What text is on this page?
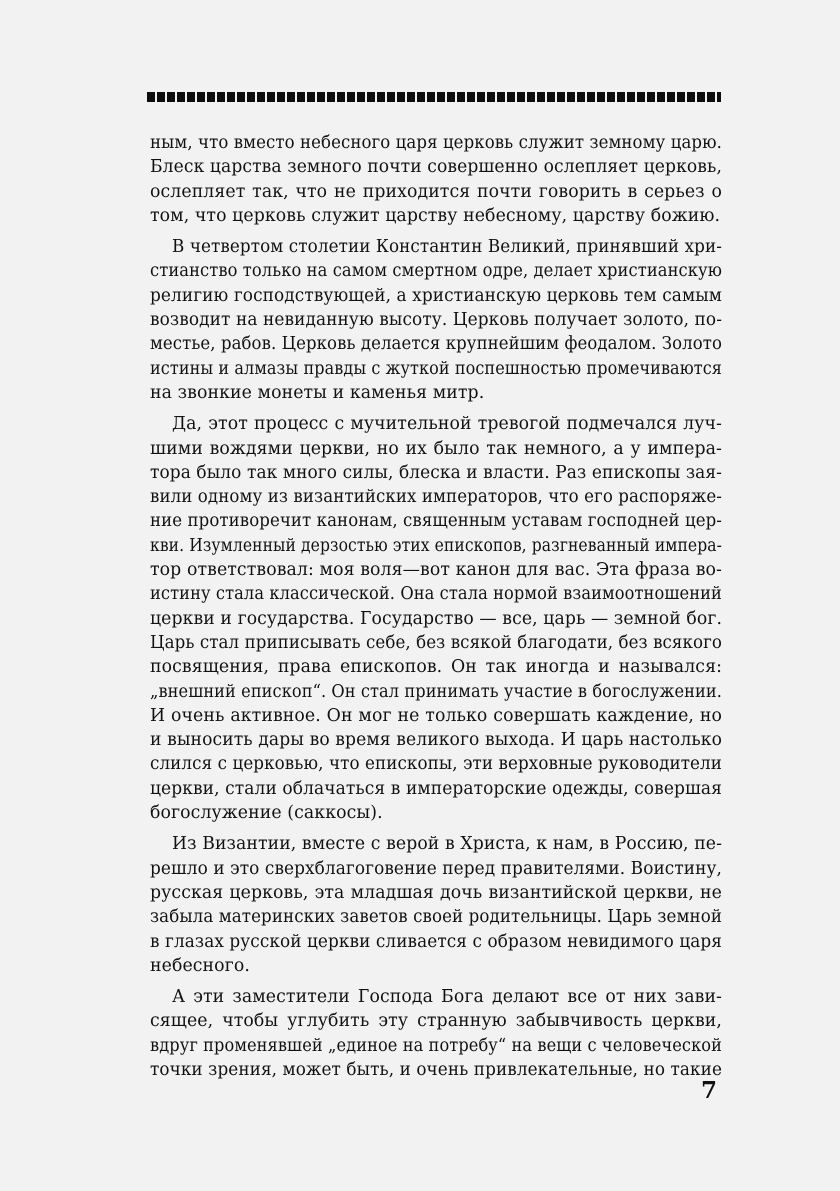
ным, что вместо небесного царя церковь служит земному царю.
Блеск царства земного почти совершенно ослепляет церковь,
ослепляет так, что не приходится почти говорить в серьез о
том, что церковь служит царству небесному, царству божию.
В четвертом столетии Константин Великий, принявший хри-
стианство только на самом смертном одре, делает христианскую
религию господствующей, а христианскую церковь тем самым
возводит на невиданную высоту. Церковь получает золото, по-
местье, рабов. Церковь делается крупнейшим феодалом. Золото
истины и алмазы правды с жуткой поспешностью промечиваются
на звонкие монеты и каменья митр.
Да, этот процесс с мучительной тревогой подмечался луч-
шими вождями церкви, но их было так немного, а у импера-
тора было так много силы, блеска и власти. Раз епископы зая-
вили одному из византийских императоров, что его распоряже-
ние противоречит канонам, священным уставам господней цер-
кви. Изумленный дерзостью этих епископов, разгневанный импера-
тор ответствовал: моя воля—вот канон для вас. Эта фраза во-
истину стала классической. Она стала нормой взаимоотношений
церкви и государства. Государство — все, царь — земной бог.
Царь стал приписывать себе, без всякой благодати, без всякого
посвящения, права епископов. Он так иногда и назывался:
„внешний епископ“. Он стал принимать участие в богослужении.
И очень активное. Он мог не только совершать каждение, но
и выносить дары во время великого выхода. И царь настолько
слился с церковью, что епископы, эти верховные руководители
церкви, стали облачаться в императорские одежды, совершая
богослужение (саккосы).
Из Византии, вместе с верой в Христа, к нам, в Россию, пе-
решло и это сверхблагоговение перед правителями. Воистину,
русская церковь, эта младшая дочь византийской церкви, не
забыла материнских заветов своей родительницы. Царь земной
в глазах русской церкви сливается с образом невидимого царя
небесного.
А эти заместители Господа Бога делают все от них зави-
сящее, чтобы углубить эту странную забывчивость церкви,
вдруг променявшей „единое на потребу“ на вещи с человеческой
точки зрения, может быть, и очень привлекательные, но такие
7
